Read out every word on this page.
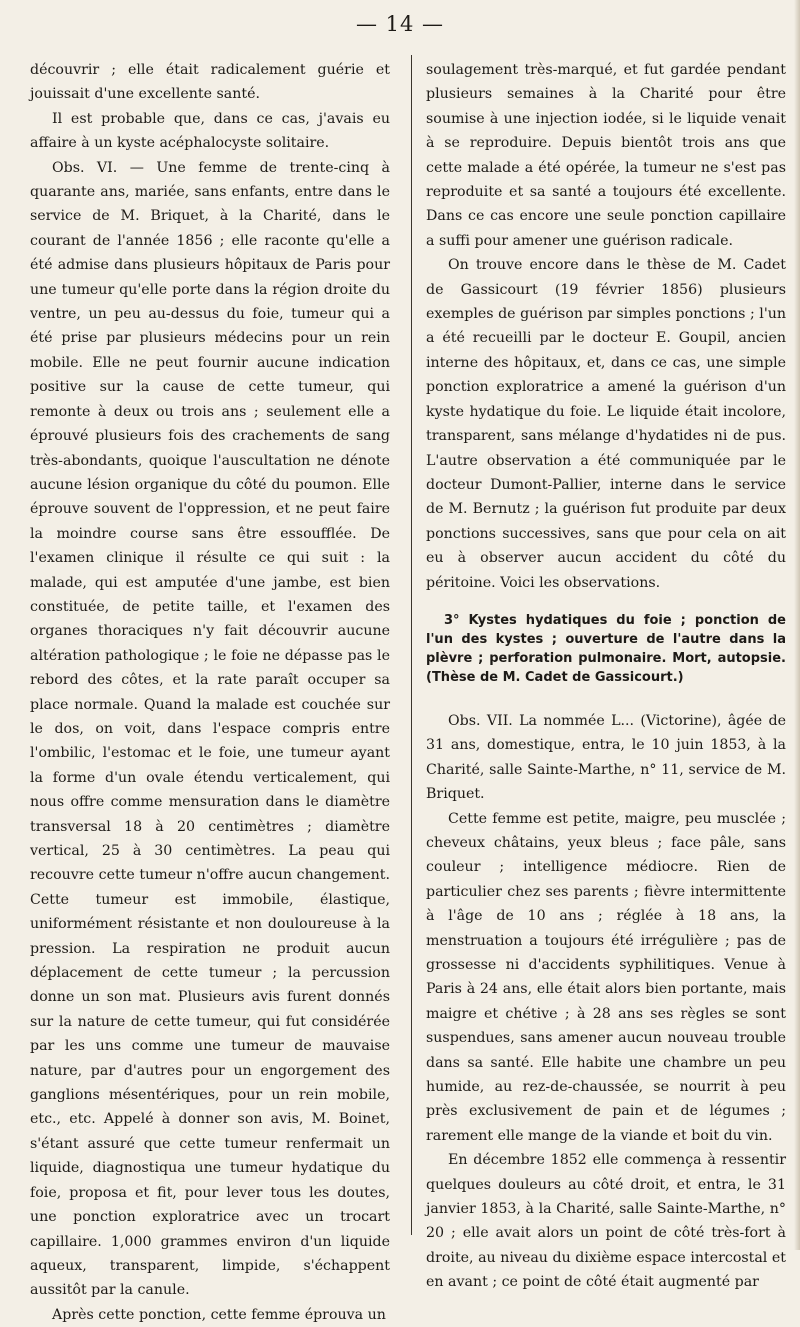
— 14 —

découvrir ; elle était radicalement guérie et jouissait d'une excellente santé.

Il est probable que, dans ce cas, j'avais eu affaire à un kyste acéphalocyste solitaire.

Obs. VI. — Une femme de trente-cinq à quarante ans, mariée, sans enfants, entre dans le service de M. Briquet, à la Charité, dans le courant de l'année 1856 ; elle raconte qu'elle a été admise dans plusieurs hôpitaux de Paris pour une tumeur qu'elle porte dans la région droite du ventre, un peu au-dessus du foie, tumeur qui a été prise par plusieurs médecins pour un rein mobile. Elle ne peut fournir aucune indication positive sur la cause de cette tumeur, qui remonte à deux ou trois ans ; seulement elle a éprouvé plusieurs fois des crachements de sang très-abondants, quoique l'auscultation ne dénote aucune lésion organique du côté du poumon. Elle éprouve souvent de l'oppression, et ne peut faire la moindre course sans être essoufflée. De l'examen clinique il résulte ce qui suit : la malade, qui est amputée d'une jambe, est bien constituée, de petite taille, et l'examen des organes thoraciques n'y fait découvrir aucune altération pathologique ; le foie ne dépasse pas le rebord des côtes, et la rate paraît occuper sa place normale. Quand la malade est couchée sur le dos, on voit, dans l'espace compris entre l'ombilic, l'estomac et le foie, une tumeur ayant la forme d'un ovale étendu verticalement, qui nous offre comme mensuration dans le diamètre transversal 18 à 20 centimètres ; diamètre vertical, 25 à 30 centimètres. La peau qui recouvre cette tumeur n'offre aucun changement. Cette tumeur est immobile, élastique, uniformément résistante et non douloureuse à la pression. La respiration ne produit aucun déplacement de cette tumeur ; la percussion donne un son mat. Plusieurs avis furent donnés sur la nature de cette tumeur, qui fut considérée par les uns comme une tumeur de mauvaise nature, par d'autres pour un engorgement des ganglions mésentériques, pour un rein mobile, etc., etc. Appelé à donner son avis, M. Boinet, s'étant assuré que cette tumeur renfermait un liquide, diagnostiqua une tumeur hydatique du foie, proposa et fit, pour lever tous les doutes, une ponction exploratrice avec un trocart capillaire. 1,000 grammes environ d'un liquide aqueux, transparent, limpide, s'échappent aussitôt par la canule.

Après cette ponction, cette femme éprouva un

soulagement très-marqué, et fut gardée pendant plusieurs semaines à la Charité pour être soumise à une injection iodée, si le liquide venait à se reproduire. Depuis bientôt trois ans que cette malade a été opérée, la tumeur ne s'est pas reproduite et sa santé a toujours été excellente. Dans ce cas encore une seule ponction capillaire a suffi pour amener une guérison radicale.

On trouve encore dans le thèse de M. Cadet de Gassicourt (19 février 1856) plusieurs exemples de guérison par simples ponctions ; l'un a été recueilli par le docteur E. Goupil, ancien interne des hôpitaux, et, dans ce cas, une simple ponction exploratrice a amené la guérison d'un kyste hydatique du foie. Le liquide était incolore, transparent, sans mélange d'hydatides ni de pus. L'autre observation a été communiquée par le docteur Dumont-Pallier, interne dans le service de M. Bernutz ; la guérison fut produite par deux ponctions successives, sans que pour cela on ait eu à observer aucun accident du côté du péritoine. Voici les observations.

3° Kystes hydatiques du foie ; ponction de l'un des kystes ; ouverture de l'autre dans la plèvre ; perforation pulmonaire. Mort, autopsie. (Thèse de M. Cadet de Gassicourt.)

Obs. VII. La nommée L... (Victorine), âgée de 31 ans, domestique, entra, le 10 juin 1853, à la Charité, salle Sainte-Marthe, n° 11, service de M. Briquet.

Cette femme est petite, maigre, peu musclée ; cheveux châtains, yeux bleus ; face pâle, sans couleur ; intelligence médiocre. Rien de particulier chez ses parents ; fièvre intermittente à l'âge de 10 ans ; réglée à 18 ans, la menstruation a toujours été irrégulière ; pas de grossesse ni d'accidents syphilitiques. Venue à Paris à 24 ans, elle était alors bien portante, mais maigre et chétive ; à 28 ans ses règles se sont suspendues, sans amener aucun nouveau trouble dans sa santé. Elle habite une chambre un peu humide, au rez-de-chaussée, se nourrit à peu près exclusivement de pain et de légumes ; rarement elle mange de la viande et boit du vin.

En décembre 1852 elle commença à ressentir quelques douleurs au côté droit, et entra, le 31 janvier 1853, à la Charité, salle Sainte-Marthe, n° 20 ; elle avait alors un point de côté très-fort à droite, au niveau du dixième espace intercostal et en avant ; ce point de côté était augmenté par
